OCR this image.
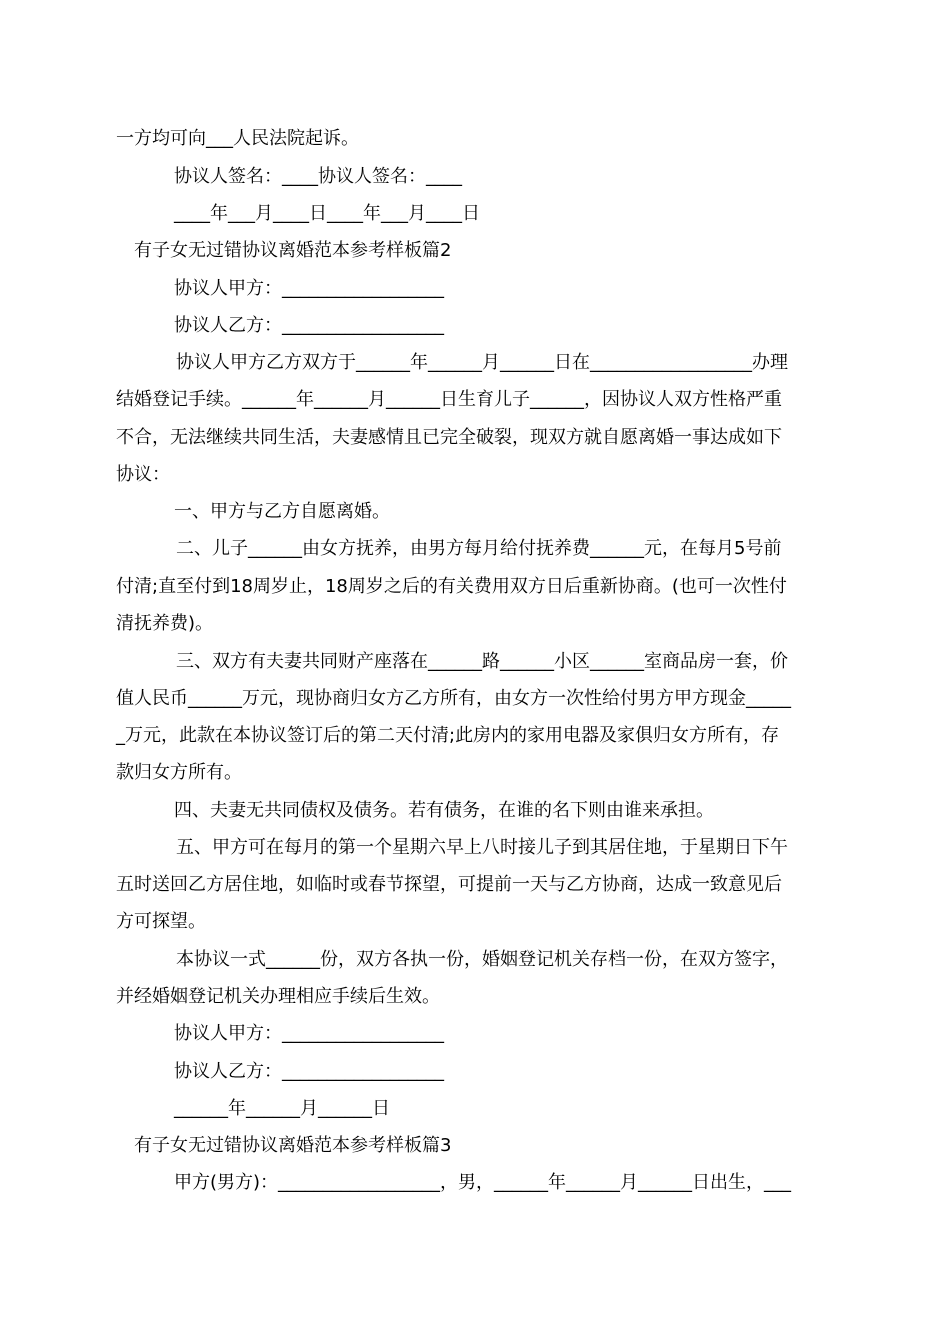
一方均可向___人民法院起诉。
协议人签名：____协议人签名：____
____年___月____日____年___月____日
有子女无过错协议离婚范本参考样板篇2
协议人甲方：__________________
协议人乙方：__________________
协议人甲方乙方双方于______年______月______日在__________________办理
结婚登记手续。______年______月______日生育儿子______，因协议人双方性格严重
不合，无法继续共同生活，夫妻感情且已完全破裂，现双方就自愿离婚一事达成如下
协议：
一、甲方与乙方自愿离婚。
二、儿子______由女方抚养，由男方每月给付抚养费______元，在每月5号前
付清;直至付到18周岁止，18周岁之后的有关费用双方日后重新协商。(也可一次性付
清抚养费)。
三、双方有夫妻共同财产座落在______路______小区______室商品房一套，价
值人民币______万元，现协商归女方乙方所有，由女方一次性给付男方甲方现金_____
_万元，此款在本协议签订后的第二天付清;此房内的家用电器及家俱归女方所有，存
款归女方所有。
四、夫妻无共同债权及债务。若有债务，在谁的名下则由谁来承担。
五、甲方可在每月的第一个星期六早上八时接儿子到其居住地，于星期日下午
五时送回乙方居住地，如临时或春节探望，可提前一天与乙方协商，达成一致意见后
方可探望。
本协议一式______份，双方各执一份，婚姻登记机关存档一份，在双方签字，
并经婚姻登记机关办理相应手续后生效。
协议人甲方：__________________
协议人乙方：__________________
______年______月______日
有子女无过错协议离婚范本参考样板篇3
甲方(男方)：__________________，男，______年______月______日出生，___
